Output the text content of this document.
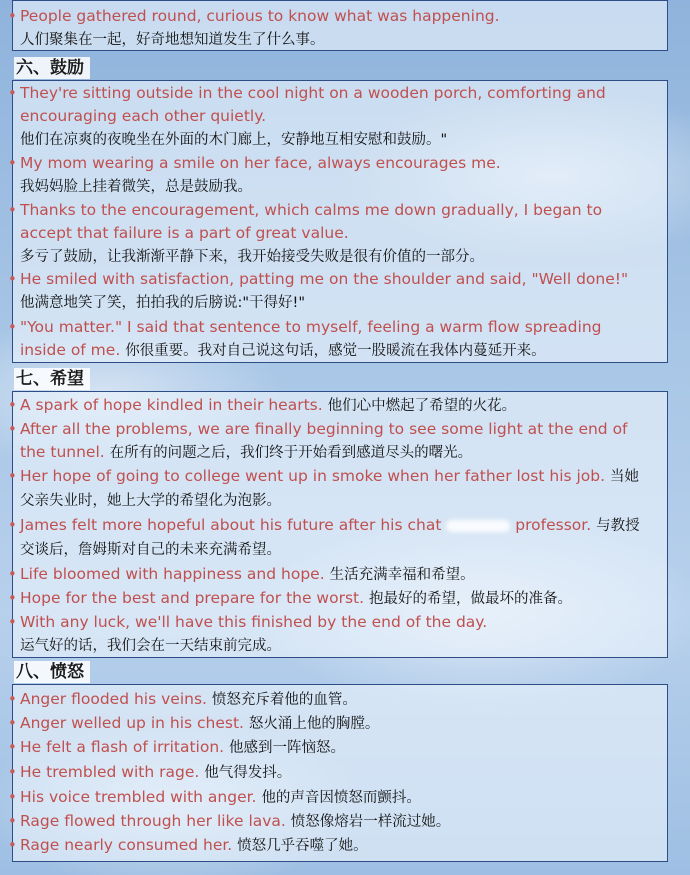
• People gathered round, curious to know what was happening.
人们聚集在一起，好奇地想知道发生了什么事。
六、鼓励
• They're sitting outside in the cool night on a wooden porch, comforting and encouraging each other quietly.
他们在凉爽的夜晚坐在外面的木门廊上，安静地互相安慰和鼓励。"
• My mom wearing a smile on her face, always encourages me.
我妈妈脸上挂着微笑，总是鼓励我。
• Thanks to the encouragement, which calms me down gradually, I began to accept that failure is a part of great value.
多亏了鼓励，让我渐渐平静下来，我开始接受失败是很有价值的一部分。
• He smiled with satisfaction, patting me on the shoulder and said, "Well done!"
他满意地笑了笑，拍拍我的后膀说:"干得好!"
• "You matter." I said that sentence to myself, feeling a warm flow spreading inside of me. 你很重要。我对自己说这句话，感觉一股暖流在我体内蔓延开来。
七、希望
• A spark of hope kindled in their hearts. 他们心中燃起了希望的火花。
• After all the problems, we are finally beginning to see some light at the end of the tunnel. 在所有的问题之后，我们终于开始看到感道尽头的曙光。
• Her hope of going to college went up in smoke when her father lost his job. 当她父亲失业时，她上大学的希望化为泡影。
• James felt more hopeful about his future after his chat	professor. 与教授交谈后，詹姆斯对自己的未来充满希望。
• Life bloomed with happiness and hope. 生活充满幸福和希望。
• Hope for the best and prepare for the worst. 抱最好的希望，做最坏的准备。
• With any luck, we'll have this finished by the end of the day.
运气好的话，我们会在一天结束前完成。
八、愤怒
• Anger flooded his veins. 愤怒充斥着他的血管。
• Anger welled up in his chest. 怒火涌上他的胸膛。
• He felt a flash of irritation. 他感到一阵恼怒。
• He trembled with rage. 他气得发抖。
• His voice trembled with anger. 他的声音因愤怒而颤抖。
• Rage flowed through her like lava. 愤怒像熔岩一样流过她。
• Rage nearly consumed her. 愤怒几乎吞噬了她。
